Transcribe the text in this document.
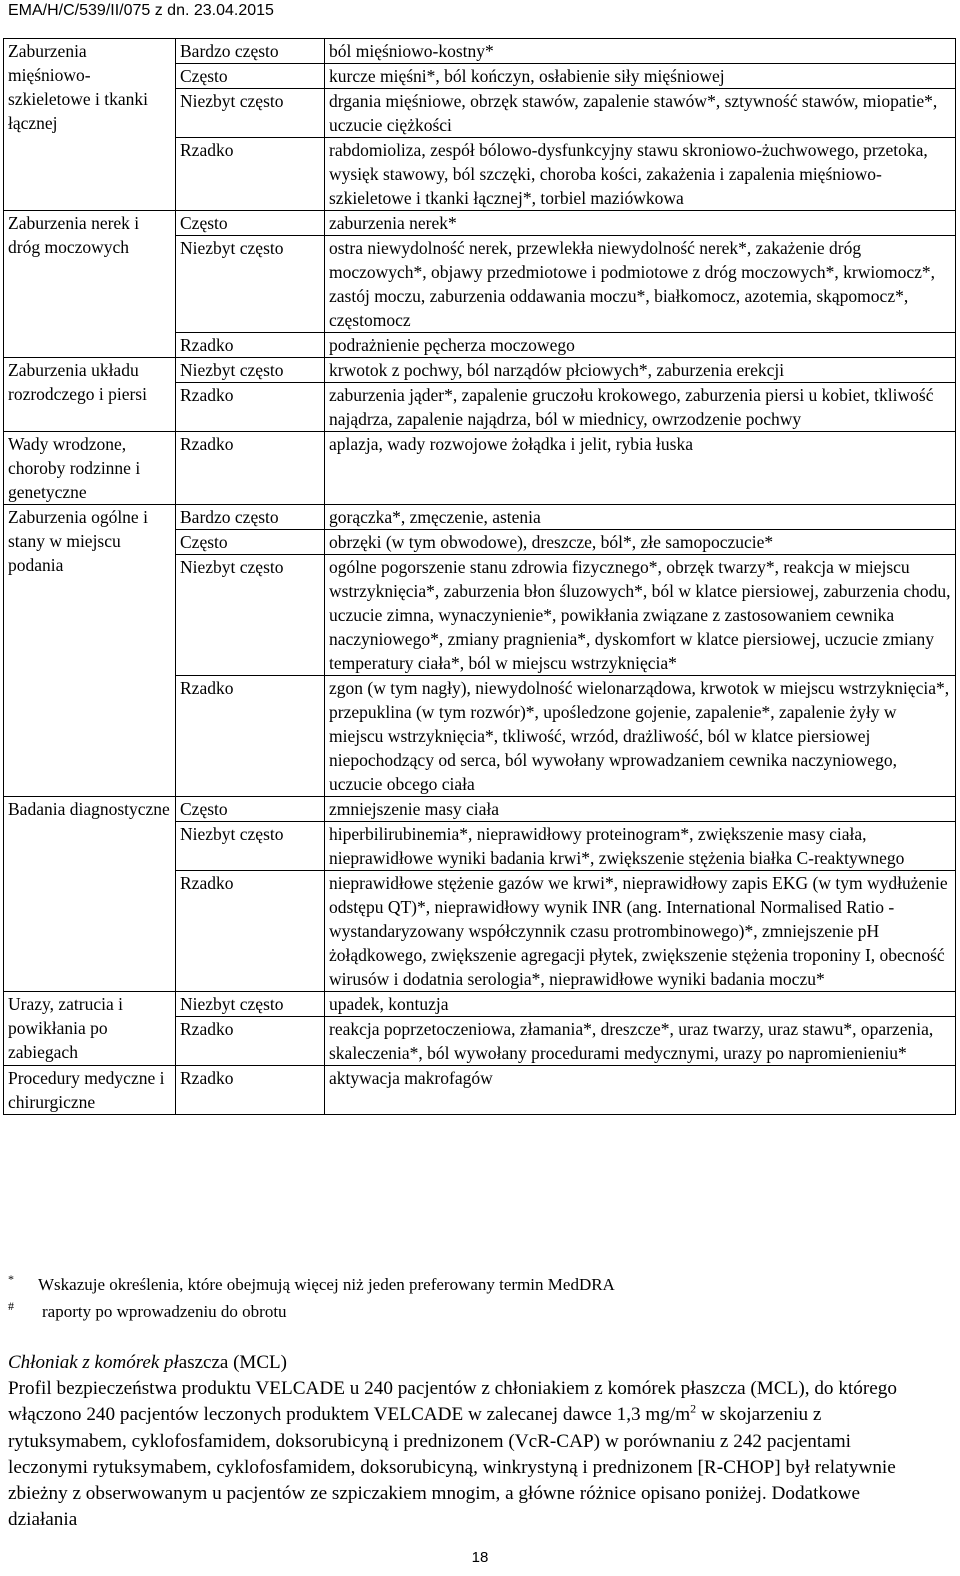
EMA/H/C/539/II/075 z dn. 23.04.2015
Zaburzenia mięśniowo-szkieletowe i tkanki łącznej	Bardzo często	ból mięśniowo-kostny*
	Często	kurcze mięśni*, ból kończyn, osłabienie siły mięśniowej
	Niezbyt często	drgania mięśniowe, obrzęk stawów, zapalenie stawów*, sztywność stawów, miopatie*, uczucie ciężkości
	Rzadko	rabdomioliza, zespół bólowo-dysfunkcyjny stawu skroniowo-żuchwowego, przetoka, wysięk stawowy, ból szczęki, choroba kości, zakażenia i zapalenia mięśniowo-szkieletowe i tkanki łącznej*, torbiel maziówkowa
Zaburzenia nerek i dróg moczowych	Często	zaburzenia nerek*
	Niezbyt często	ostra niewydolność nerek, przewlekła niewydolność nerek*, zakażenie dróg moczowych*, objawy przedmiotowe i podmiotowe z dróg moczowych*, krwiomocz*, zastój moczu, zaburzenia oddawania moczu*, białkomocz, azotemia, skąpomocz*, częstomocz
	Rzadko	podrażnienie pęcherza moczowego
Zaburzenia układu rozrodczego i piersi	Niezbyt często	krwotok z pochwy, ból narządów płciowych*, zaburzenia erekcji
	Rzadko	zaburzenia jąder*, zapalenie gruczołu krokowego, zaburzenia piersi u kobiet, tkliwość najądrza, zapalenie najądrza, ból w miednicy, owrzodzenie pochwy
Wady wrodzone, choroby rodzinne i genetyczne	Rzadko	aplazja, wady rozwojowe żołądka i jelit, rybia łuska
Zaburzenia ogólne i stany w miejscu podania	Bardzo często	gorączka*, zmęczenie, astenia
	Często	obrzęki (w tym obwodowe), dreszcze, ból*, złe samopoczucie*
	Niezbyt często	ogólne pogorszenie stanu zdrowia fizycznego*, obrzęk twarzy*, reakcja w miejscu wstrzyknięcia*, zaburzenia błon śluzowych*, ból w klatce piersiowej, zaburzenia chodu, uczucie zimna, wynaczynienie*, powikłania związane z zastosowaniem cewnika naczyniowego*, zmiany pragnienia*, dyskomfort w klatce piersiowej, uczucie zmiany temperatury ciała*, ból w miejscu wstrzyknięcia*
	Rzadko	zgon (w tym nagły), niewydolność wielonarządowa, krwotok w miejscu wstrzyknięcia*, przepuklina (w tym rozwór)*, upośledzone gojenie, zapalenie*, zapalenie żyły w miejscu wstrzyknięcia*, tkliwość, wrzód, drażliwość, ból w klatce piersiowej niepochodzący od serca, ból wywołany wprowadzaniem cewnika naczyniowego, uczucie obcego ciała
Badania diagnostyczne	Często	zmniejszenie masy ciała
	Niezbyt często	hiperbilirubinemia*, nieprawidłowy proteinogram*, zwiększenie masy ciała, nieprawidłowe wyniki badania krwi*, zwiększenie stężenia białka C-reaktywnego
	Rzadko	nieprawidłowe stężenie gazów we krwi*, nieprawidłowy zapis EKG (w tym wydłużenie odstępu QT)*, nieprawidłowy wynik INR (ang. International Normalised Ratio - wystandaryzowany współczynnik czasu protrombinowego)*, zmniejszenie pH żołądkowego, zwiększenie agregacji płytek, zwiększenie stężenia troponiny I, obecność wirusów i dodatnia serologia*, nieprawidłowe wyniki badania moczu*
Urazy, zatrucia i powikłania po zabiegach	Niezbyt często	upadek, kontuzja
	Rzadko	reakcja poprzetoczeniowa, złamania*, dreszcze*, uraz twarzy, uraz stawu*, oparzenia, skaleczenia*, ból wywołany procedurami medycznymi, urazy po napromienieniu*
Procedury medyczne i chirurgiczne	Rzadko	aktywacja makrofagów
* Wskazuje określenia, które obejmują więcej niż jeden preferowany termin MedDRA
# raporty po wprowadzeniu do obrotu
Chłoniak z komórek płaszcza (MCL)
Profil bezpieczeństwa produktu VELCADE u 240 pacjentów z chłoniakiem z komórek płaszcza (MCL), do którego włączono 240 pacjentów leczonych produktem VELCADE w zalecanej dawce 1,3 $mg/m^2$ w skojarzeniu z rytuksymabem, cyklofosfamidem, doksorubicyną i prednizonem (VcR-CAP) w porównaniu z 242 pacjentami leczonymi rytuksymabem, cyklofosfamidem, doksorubicyną, winkrystyną i prednizonem [R-CHOP] był relatywnie zbieżny z obserwowanym u pacjentów ze szpiczakiem mnogim, a główne różnice opisano poniżej. Dodatkowe działania
18
